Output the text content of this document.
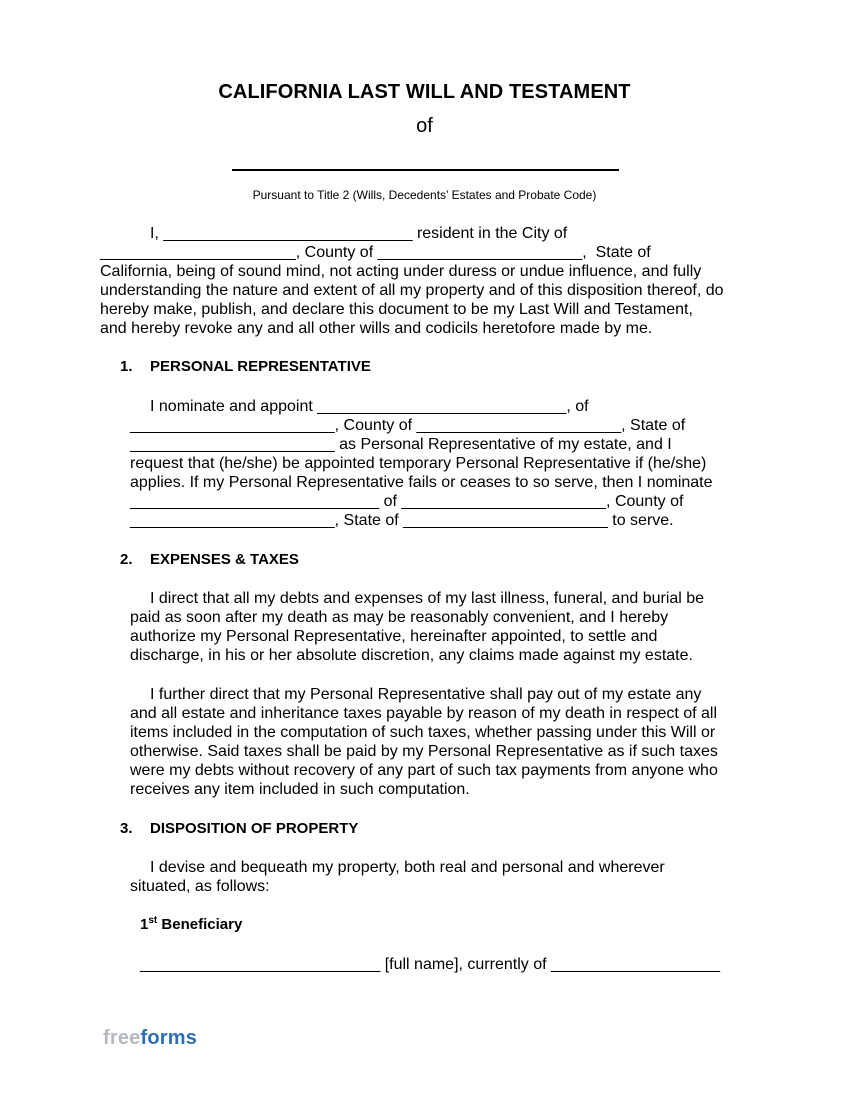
CALIFORNIA LAST WILL AND TESTAMENT
of
Pursuant to Title 2 (Wills, Decedents’ Estates and Probate Code)
I, ____________________________ resident in the City of
______________________, County of _______________________,  State of
California, being of sound mind, not acting under duress or undue influence, and fully
understanding the nature and extent of all my property and of this disposition thereof, do
hereby make, publish, and declare this document to be my Last Will and Testament,
and hereby revoke any and all other wills and codicils heretofore made by me.
1. PERSONAL REPRESENTATIVE
I nominate and appoint ____________________________, of
_______________________, County of _______________________, State of
_______________________ as Personal Representative of my estate, and I
request that (he/she) be appointed temporary Personal Representative if (he/she)
applies. If my Personal Representative fails or ceases to so serve, then I nominate
____________________________ of _______________________, County of
_______________________, State of _______________________ to serve.
2. EXPENSES & TAXES
I direct that all my debts and expenses of my last illness, funeral, and burial be
paid as soon after my death as may be reasonably convenient, and I hereby
authorize my Personal Representative, hereinafter appointed, to settle and
discharge, in his or her absolute discretion, any claims made against my estate.
I further direct that my Personal Representative shall pay out of my estate any
and all estate and inheritance taxes payable by reason of my death in respect of all
items included in the computation of such taxes, whether passing under this Will or
otherwise. Said taxes shall be paid by my Personal Representative as if such taxes
were my debts without recovery of any part of such tax payments from anyone who
receives any item included in such computation.
3. DISPOSITION OF PROPERTY
I devise and bequeath my property, both real and personal and wherever
situated, as follows:
1st Beneficiary
___________________________ [full name], currently of ___________________
freeforms
